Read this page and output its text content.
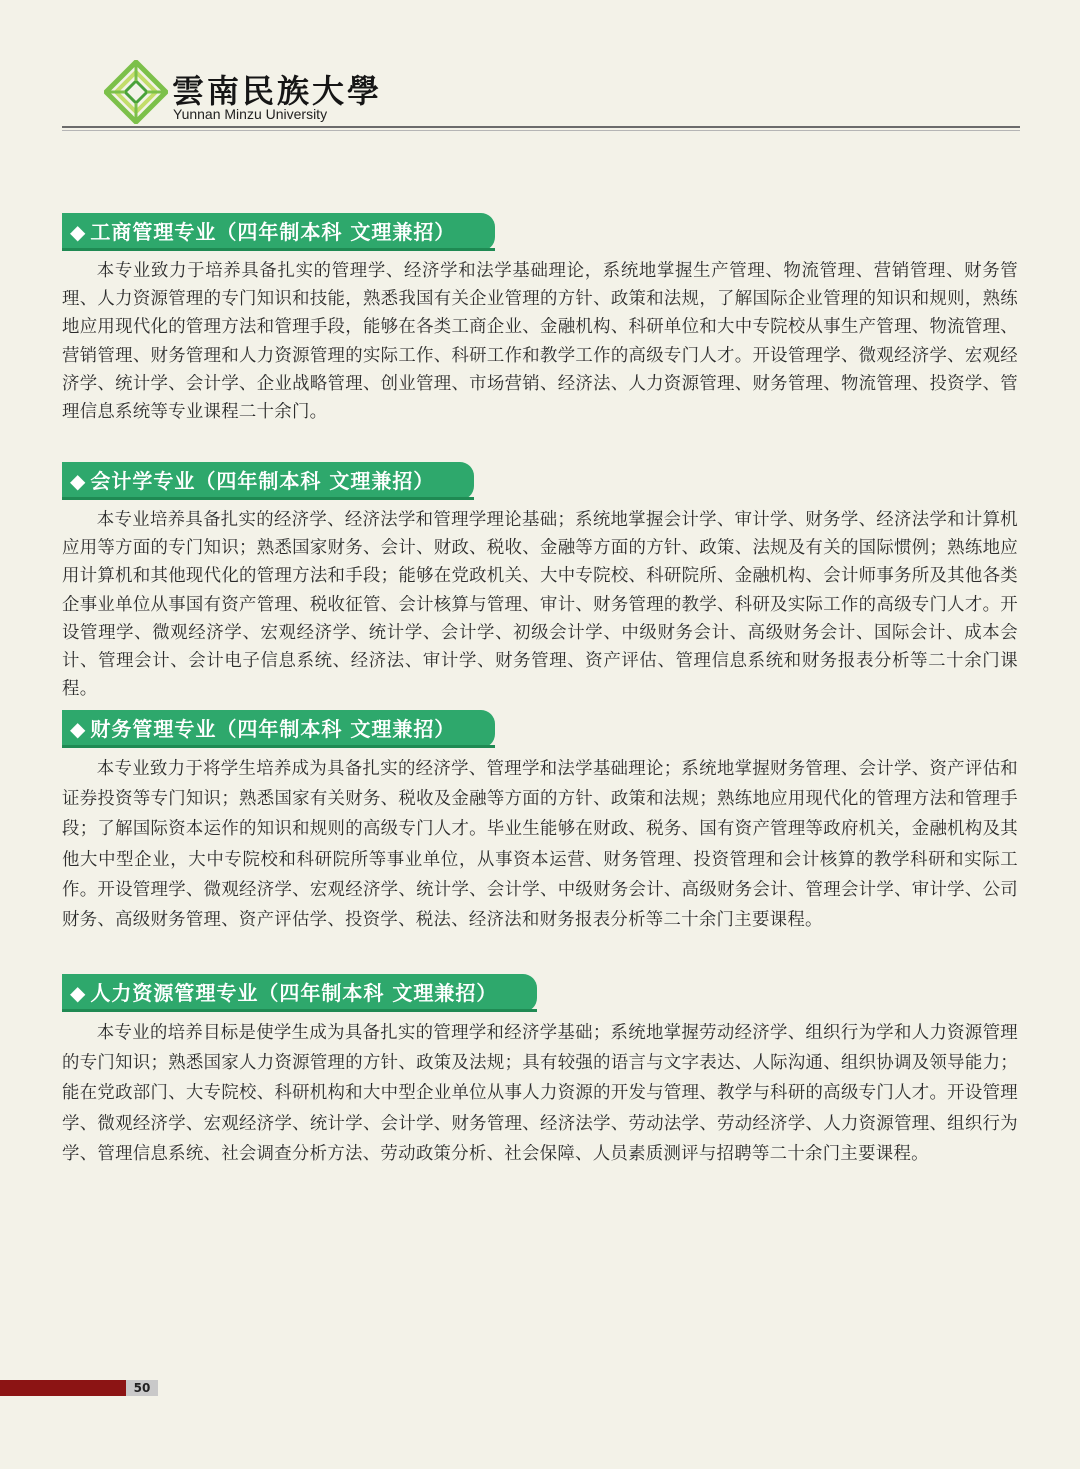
雲南民族大學
Yunnan Minzu University
◆ 工商管理专业（四年制本科 文理兼招）

本专业致力于培养具备扎实的管理学、经济学和法学基础理论，系统地掌握生产管理、物流管理、营销管理、财务管理、人力资源管理的专门知识和技能，熟悉我国有关企业管理的方针、政策和法规，了解国际企业管理的知识和规则，熟练地应用现代化的管理方法和管理手段，能够在各类工商企业、金融机构、科研单位和大中专院校从事生产管理、物流管理、营销管理、财务管理和人力资源管理的实际工作、科研工作和教学工作的高级专门人才。开设管理学、微观经济学、宏观经济学、统计学、会计学、企业战略管理、创业管理、市场营销、经济法、人力资源管理、财务管理、物流管理、投资学、管理信息系统等专业课程二十余门。

◆ 会计学专业（四年制本科 文理兼招）

本专业培养具备扎实的经济学、经济法学和管理学理论基础；系统地掌握会计学、审计学、财务学、经济法学和计算机应用等方面的专门知识；熟悉国家财务、会计、财政、税收、金融等方面的方针、政策、法规及有关的国际惯例；熟练地应用计算机和其他现代化的管理方法和手段；能够在党政机关、大中专院校、科研院所、金融机构、会计师事务所及其他各类企事业单位从事国有资产管理、税收征管、会计核算与管理、审计、财务管理的教学、科研及实际工作的高级专门人才。开设管理学、微观经济学、宏观经济学、统计学、会计学、初级会计学、中级财务会计、高级财务会计、国际会计、成本会计、管理会计、会计电子信息系统、经济法、审计学、财务管理、资产评估、管理信息系统和财务报表分析等二十余门课程。

◆ 财务管理专业（四年制本科 文理兼招）

本专业致力于将学生培养成为具备扎实的经济学、管理学和法学基础理论；系统地掌握财务管理、会计学、资产评估和证券投资等专门知识；熟悉国家有关财务、税收及金融等方面的方针、政策和法规；熟练地应用现代化的管理方法和管理手段；了解国际资本运作的知识和规则的高级专门人才。毕业生能够在财政、税务、国有资产管理等政府机关，金融机构及其他大中型企业，大中专院校和科研院所等事业单位，从事资本运营、财务管理、投资管理和会计核算的教学科研和实际工作。开设管理学、微观经济学、宏观经济学、统计学、会计学、中级财务会计、高级财务会计、管理会计学、审计学、公司财务、高级财务管理、资产评估学、投资学、税法、经济法和财务报表分析等二十余门主要课程。

◆ 人力资源管理专业（四年制本科 文理兼招）

本专业的培养目标是使学生成为具备扎实的管理学和经济学基础；系统地掌握劳动经济学、组织行为学和人力资源管理的专门知识；熟悉国家人力资源管理的方针、政策及法规；具有较强的语言与文字表达、人际沟通、组织协调及领导能力；能在党政部门、大专院校、科研机构和大中型企业单位从事人力资源的开发与管理、教学与科研的高级专门人才。开设管理学、微观经济学、宏观经济学、统计学、会计学、财务管理、经济法学、劳动法学、劳动经济学、人力资源管理、组织行为学、管理信息系统、社会调查分析方法、劳动政策分析、社会保障、人员素质测评与招聘等二十余门主要课程。

50
